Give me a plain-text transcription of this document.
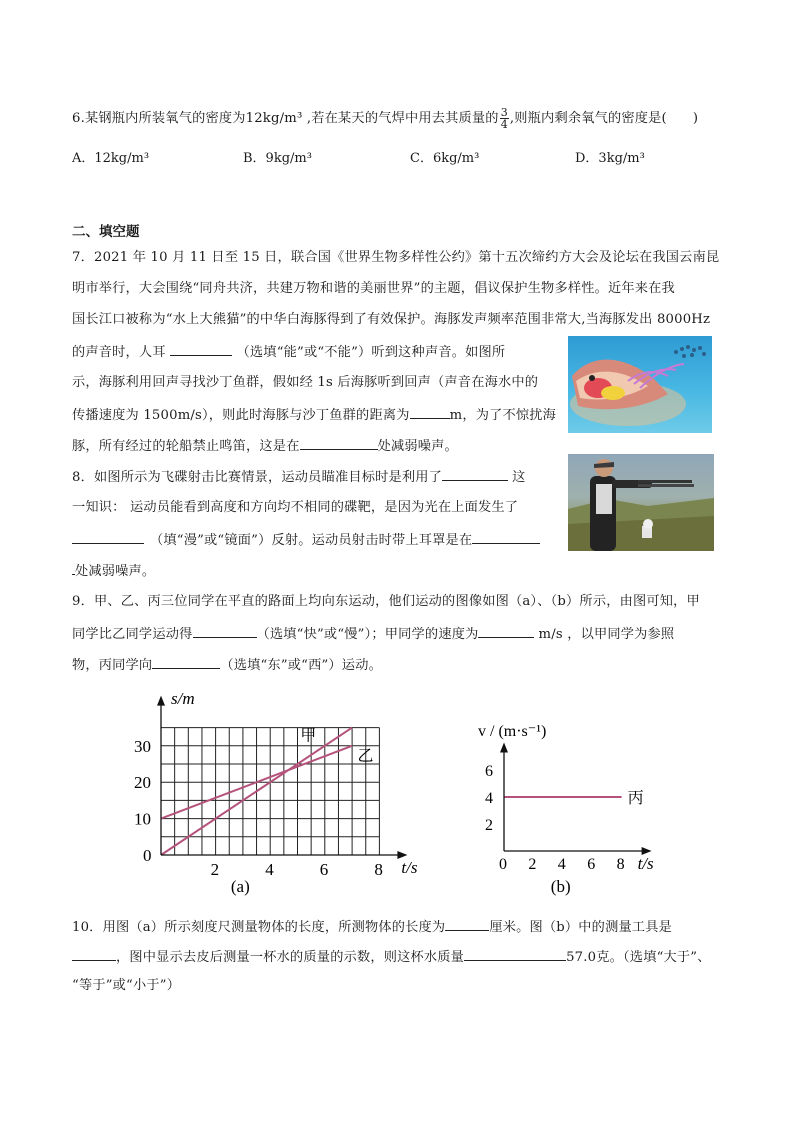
6.某钢瓶内所装氧气的密度为12kg/m³ ,若在某天的气焊中用去其质量的 $\frac{3}{4}$ ,则瓶内剩余氧气的密度是( )
A．12kg/m³	B．9kg/m³	C．6kg/m³	D．3kg/m³
二、填空题
7．2021 年 10 月 11 日至 15 日，联合国《世界生物多样性公约》第十五次缔约方大会及论坛在我国云南昆
明市举行，大会围绕“同舟共济，共建万物和谐的美丽世界”的主题，倡议保护生物多样性。近年来在我
国长江口被称为“水上大熊猫”的中华白海豚得到了有效保护。海豚发声频率范围非常大,当海豚发出 8000Hz
的声音时，人耳	（选填“能”或“不能”）听到这种声音。如图所
示，海豚利用回声寻找沙丁鱼群，假如经 1s 后海豚听到回声（声音在海水中的
传播速度为 1500m/s），则此时海豚与沙丁鱼群的距离为	m，为了不惊扰海
豚，所有经过的轮船禁止鸣笛，这是在	处减弱噪声。
8．如图所示为飞碟射击比赛情景，运动员瞄准目标时是利用了	这
一知识： 运动员能看到高度和方向均不相同的碟靶，是因为光在上面发生了
（填“漫”或“镜面”）反射。运动员射击时带上耳罩是在
处减弱噪声。
9．甲、乙、丙三位同学在平直的路面上均向东运动，他们运动的图像如图（a）、（b）所示，由图可知，甲
同学比乙同学运动得	（选填“快”或“慢”）；甲同学的速度为	m/s ，以甲同学为参照
物，丙同学向	（选填“东”或“西”）运动。
2	4	6	8
0
10
20
30
s/m
t/s
(a)
甲
乙
0 2 4 6 8
2
4
6
v / (m·s⁻¹)
t/s
(b)
丙
10．用图（a）所示刻度尺测量物体的长度，所测物体的长度为	厘米。图（b）中的测量工具是
，图中显示去皮后测量一杯水的质量的示数，则这杯水质量	57.0克。（选填“大于”、
“等于”或“小于”）
